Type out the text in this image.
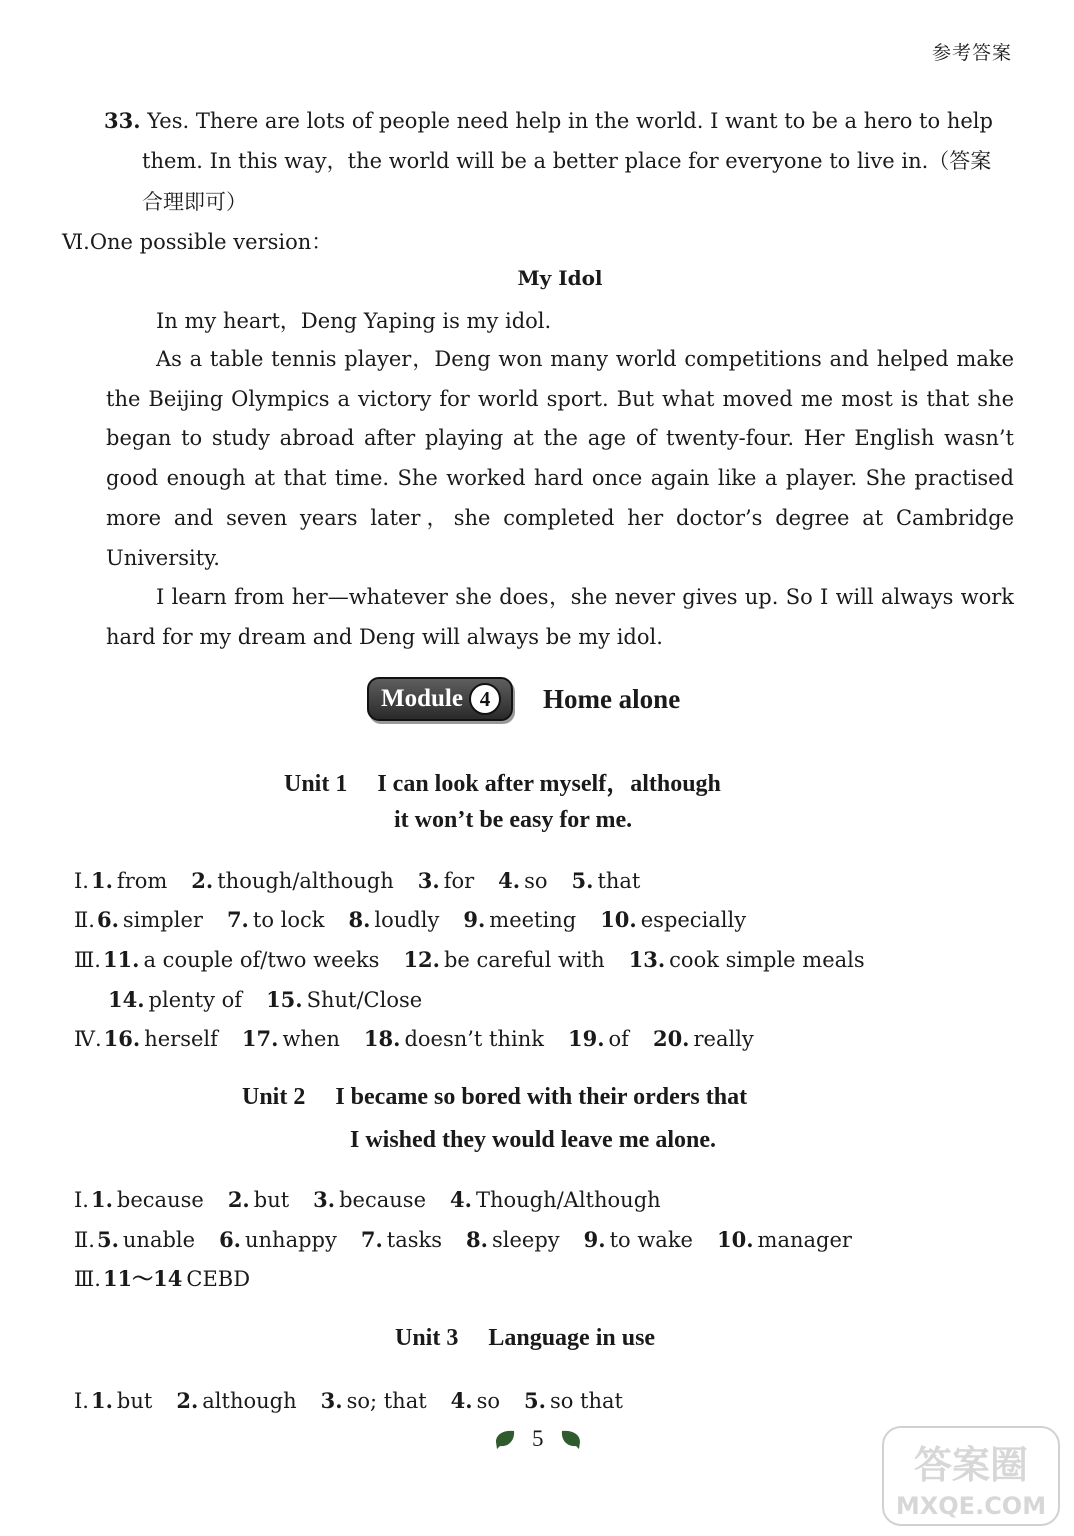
参考答案
33. Yes. There are lots of people need help in the world. I want to be a hero to help
them. In this way，the world will be a better place for everyone to live in.（答案
合理即可）
Ⅵ.One possible version：
My Idol
In my heart，Deng Yaping is my idol.
As a table tennis player，Deng won many world competitions and helped make
the Beijing Olympics a victory for world sport. But what moved me most is that she
began to study abroad after playing at the age of twenty-four. Her English wasn’t
good enough at that time. She worked hard once again like a player. She practised
more and seven years later，she completed her doctor’s degree at Cambridge
University.
I learn from her—whatever she does，she never gives up. So I will always work
hard for my dream and Deng will always be my idol.
Module 4	Home alone
Unit 1 I can look after myself，although
it won’t be easy for me.
Ⅰ.1. from 2. though/although 3. for 4. so 5. that
Ⅱ.6. simpler 7. to lock 8. loudly 9. meeting 10. especially
Ⅲ.11. a couple of/two weeks 12. be careful with 13. cook simple meals
14. plenty of 15. Shut/Close
Ⅳ.16. herself 17. when 18. doesn’t think 19. of 20. really
Unit 2 I became so bored with their orders that
I wished they would leave me alone.
Ⅰ.1. because 2. but 3. because 4. Though/Although
Ⅱ.5. unable 6. unhappy 7. tasks 8. sleepy 9. to wake 10. manager
Ⅲ.11～14 CEBD
Unit 3 Language in use
Ⅰ.1. but 2. although 3. so; that 4. so 5. so that
5
答案圈
MXQE.COM
